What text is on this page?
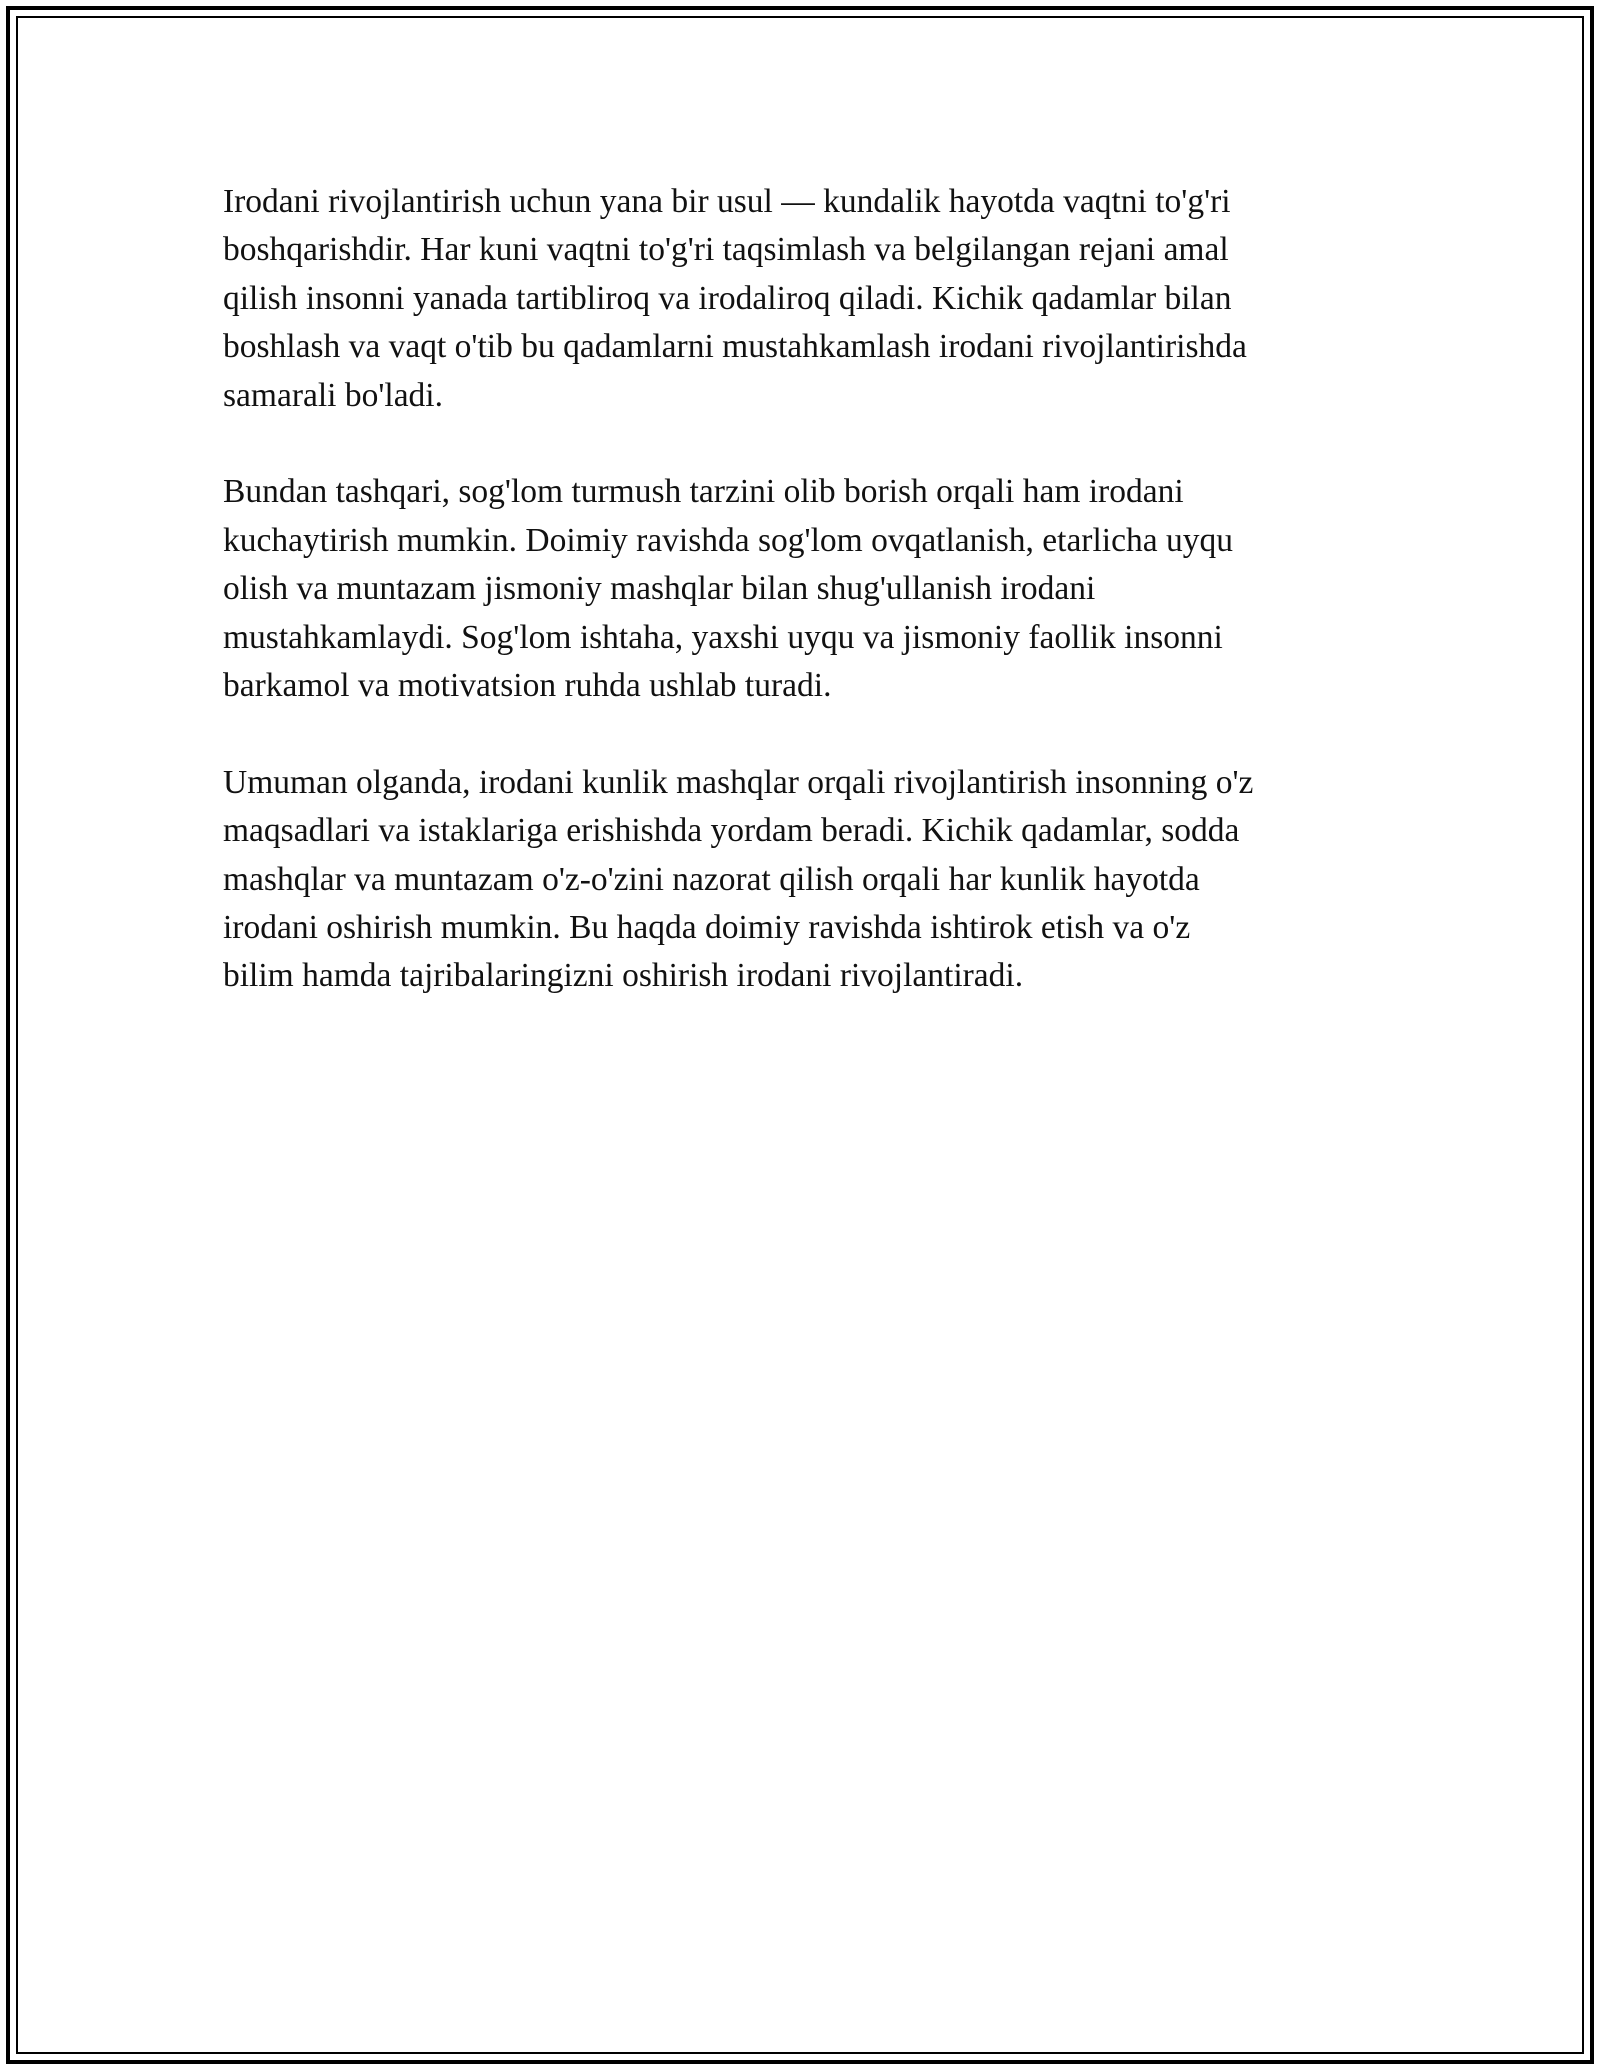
Irodani rivojlantirish uchun yana bir usul — kundalik hayotda vaqtni to'g'ri
boshqarishdir. Har kuni vaqtni to'g'ri taqsimlash va belgilangan rejani amal
qilish insonni yanada tartibliroq va irodaliroq qiladi. Kichik qadamlar bilan
boshlash va vaqt o'tib bu qadamlarni mustahkamlash irodani rivojlantirishda
samarali bo'ladi.

Bundan tashqari, sog'lom turmush tarzini olib borish orqali ham irodani
kuchaytirish mumkin. Doimiy ravishda sog'lom ovqatlanish, etarlicha uyqu
olish va muntazam jismoniy mashqlar bilan shug'ullanish irodani
mustahkamlaydi. Sog'lom ishtaha, yaxshi uyqu va jismoniy faollik insonni
barkamol va motivatsion ruhda ushlab turadi.

Umuman olganda, irodani kunlik mashqlar orqali rivojlantirish insonning o'z
maqsadlari va istaklariga erishishda yordam beradi. Kichik qadamlar, sodda
mashqlar va muntazam o'z-o'zini nazorat qilish orqali har kunlik hayotda
irodani oshirish mumkin. Bu haqda doimiy ravishda ishtirok etish va o'z
bilim hamda tajribalaringizni oshirish irodani rivojlantiradi.
